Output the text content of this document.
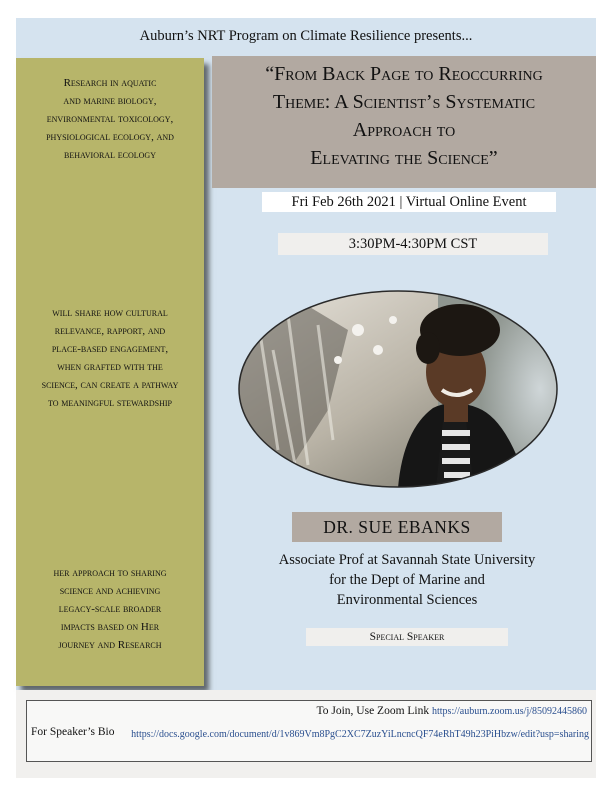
Auburn’s NRT Program on Climate Resilience presents...
Research in aquatic
and marine biology,
environmental toxicology,
physiological ecology, and
behavioral ecology
will share how cultural
relevance, rapport, and
place-based engagement,
when grafted with the
science, can create a pathway
to meaningful stewardship
her approach to sharing
science and achieving
legacy-scale broader
impacts based on Her
journey and Research
“From Back Page to Reoccurring
Theme: A Scientist’s Systematic
Approach to
Elevating the Science”
Fri Feb 26th 2021 | Virtual Online Event
3:30PM-4:30PM CST
DR. SUE EBANKS
Associate Prof at Savannah State University
for the Dept of Marine and
Environmental Sciences
Special Speaker
To Join, Use Zoom Link https://auburn.zoom.us/j/85092445860
For Speaker’s Bio	https://docs.google.com/document/d/1v869Vm8PgC2XC7ZuzYiLncncQF74eRhT49h23PiHbzw/edit?usp=sharing
